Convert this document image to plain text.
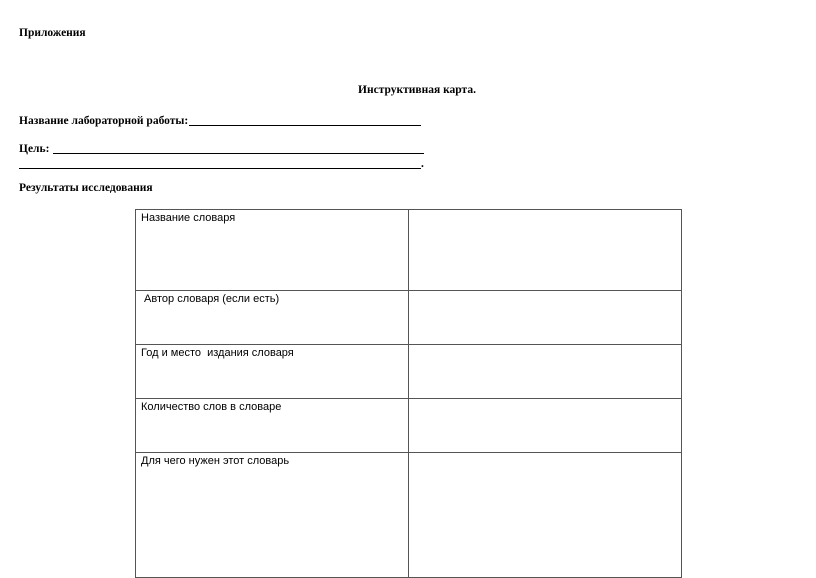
Приложения
Инструктивная карта.
Название лабораторной работы:
Цель:
.
Результаты исследования
Название словаря	
Автор словаря (если есть)	
Год и место  издания словаря	
Количество слов в словаре	
Для чего нужен этот словарь	
